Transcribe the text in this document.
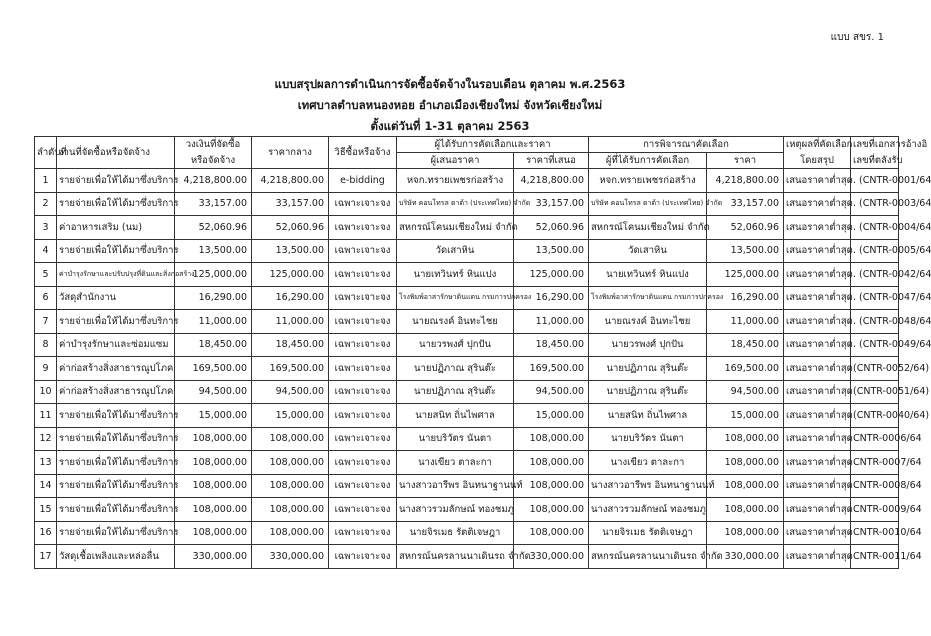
แบบ สขร. 1
แบบสรุปผลการดำเนินการจัดซื้อจัดจ้างในรอบเดือน ตุลาคม พ.ศ.2563
เทศบาลตำบลหนองหอย อำเภอเมืองเชียงใหม่ จังหวัดเชียงใหม่
ตั้งแต่วันที่ 1-31 ตุลาคม 2563
ลำดับที่	งานที่จัดซื้อหรือจัดจ้าง	วงเงินที่จัดซื้อ	ราคากลาง	วิธีซื้อหรือจ้าง	ผู้ได้รับการคัดเลือกและราคา		การพิจารณาคัดเลือก		เหตุผลที่คัดเลือก	เลขที่เอกสารอ้างอิ
		หรือจัดจ้าง			ผู้เสนอราคา	ราคาที่เสนอ	ผู้ที่ได้รับการคัดเลือก	ราคา	โดยสรุป	เลขที่ตลังรับ
1	รายจ่ายเพื่อให้ได้มาซึ่งบริการ	4,218,800.00	4,218,800.00	e-bidding	หจก.ทรายเพชรก่อสร้าง	4,218,800.00	หจก.ทรายเพชรก่อสร้าง	4,218,800.00	เสนอราคาต่ำสุด	. (CNTR-0001/64
2	รายจ่ายเพื่อให้ได้มาซึ่งบริการ	33,157.00	33,157.00	เฉพาะเจาะจง	บริษัท คอนโทรล ดาต้า (ประเทศไทย) จำกัด	33,157.00	บริษัท คอนโทรล ดาต้า (ประเทศไทย) จำกัด	33,157.00	เสนอราคาต่ำสุด	. (CNTR-0003/64
3	ค่าอาหารเสริม (นม)	52,060.96	52,060.96	เฉพาะเจาะจง	สหกรณ์โคนมเชียงใหม่ จำกัด	52,060.96	สหกรณ์โคนมเชียงใหม่ จำกัด	52,060.96	เสนอราคาต่ำสุด	. (CNTR-0004/64
4	รายจ่ายเพื่อให้ได้มาซึ่งบริการ	13,500.00	13,500.00	เฉพาะเจาะจง	วัดเสาหิน	13,500.00	วัดเสาหิน	13,500.00	เสนอราคาต่ำสุด	. (CNTR-0005/64
5	ค่าบำรุงรักษาและปรับปรุงที่ดินและสิ่งก่อสร้าง	125,000.00	125,000.00	เฉพาะเจาะจง	นายเทวินทร์ หินแปง	125,000.00	นายเทวินทร์ หินแปง	125,000.00	เสนอราคาต่ำสุด	. (CNTR-0042/64
6	วัสดุสำนักงาน	16,290.00	16,290.00	เฉพาะเจาะจง	โรงพิมพ์อาสารักษาดินแดน กรมการปกครอง	16,290.00	โรงพิมพ์อาสารักษาดินแดน กรมการปกครอง	16,290.00	เสนอราคาต่ำสุด	. (CNTR-0047/64
7	รายจ่ายเพื่อให้ได้มาซึ่งบริการ	11,000.00	11,000.00	เฉพาะเจาะจง	นายณรงค์ อินทะไชย	11,000.00	นายณรงค์ อินทะไชย	11,000.00	เสนอราคาต่ำสุด	. (CNTR-0048/64
8	ค่าบำรุงรักษาและซ่อมแซม	18,450.00	18,450.00	เฉพาะเจาะจง	นายวรพงศ์ ปุกปัน	18,450.00	นายวรพงศ์ ปุกปัน	18,450.00	เสนอราคาต่ำสุด	. (CNTR-0049/64
9	ค่าก่อสร้างสิ่งสาธารณูปโภค	169,500.00	169,500.00	เฉพาะเจาะจง	นายปฏิภาณ สุรินต๊ะ	169,500.00	นายปฏิภาณ สุรินต๊ะ	169,500.00	เสนอราคาต่ำสุด	(CNTR-0052/64)
10	ค่าก่อสร้างสิ่งสาธารณูปโภค	94,500.00	94,500.00	เฉพาะเจาะจง	นายปฏิภาณ สุรินต๊ะ	94,500.00	นายปฏิภาณ สุรินต๊ะ	94,500.00	เสนอราคาต่ำสุด	(CNTR-0051/64)
11	รายจ่ายเพื่อให้ได้มาซึ่งบริการ	15,000.00	15,000.00	เฉพาะเจาะจง	นายสนิท ถิ่นไพศาล	15,000.00	นายสนิท ถิ่นไพศาล	15,000.00	เสนอราคาต่ำสุด	(CNTR-0040/64)
12	รายจ่ายเพื่อให้ได้มาซึ่งบริการ	108,000.00	108,000.00	เฉพาะเจาะจง	นายบริวัตร นันตา	108,000.00	นายบริวัตร นันตา	108,000.00	เสนอราคาต่ำสุด	CNTR-0006/64
13	รายจ่ายเพื่อให้ได้มาซึ่งบริการ	108,000.00	108,000.00	เฉพาะเจาะจง	นางเขียว ตาละกา	108,000.00	นางเขียว ตาละกา	108,000.00	เสนอราคาต่ำสุด	CNTR-0007/64
14	รายจ่ายเพื่อให้ได้มาซึ่งบริการ	108,000.00	108,000.00	เฉพาะเจาะจง	นางสาวอารีพร อินทนาฐานนท์	108,000.00	นางสาวอารีพร อินทนาฐานนท์	108,000.00	เสนอราคาต่ำสุด	CNTR-0008/64
15	รายจ่ายเพื่อให้ได้มาซึ่งบริการ	108,000.00	108,000.00	เฉพาะเจาะจง	นางสาวรวมลักษณ์ ทองชมภู	108,000.00	นางสาวรวมลักษณ์ ทองชมภู	108,000.00	เสนอราคาต่ำสุด	CNTR-0009/64
16	รายจ่ายเพื่อให้ได้มาซึ่งบริการ	108,000.00	108,000.00	เฉพาะเจาะจง	นายจิรเมธ รัตติเจษฎา	108,000.00	นายจิรเมธ รัตติเจษฎา	108,000.00	เสนอราคาต่ำสุด	CNTR-0010/64
17	วัสดุเชื้อเพลิงและหล่อลื่น	330,000.00	330,000.00	เฉพาะเจาะจง	สหกรณ์นครลานนาเดินรถ จำกัด	330,000.00	สหกรณ์นครลานนาเดินรถ จำกัด	330,000.00	เสนอราคาต่ำสุด	CNTR-0011/64
